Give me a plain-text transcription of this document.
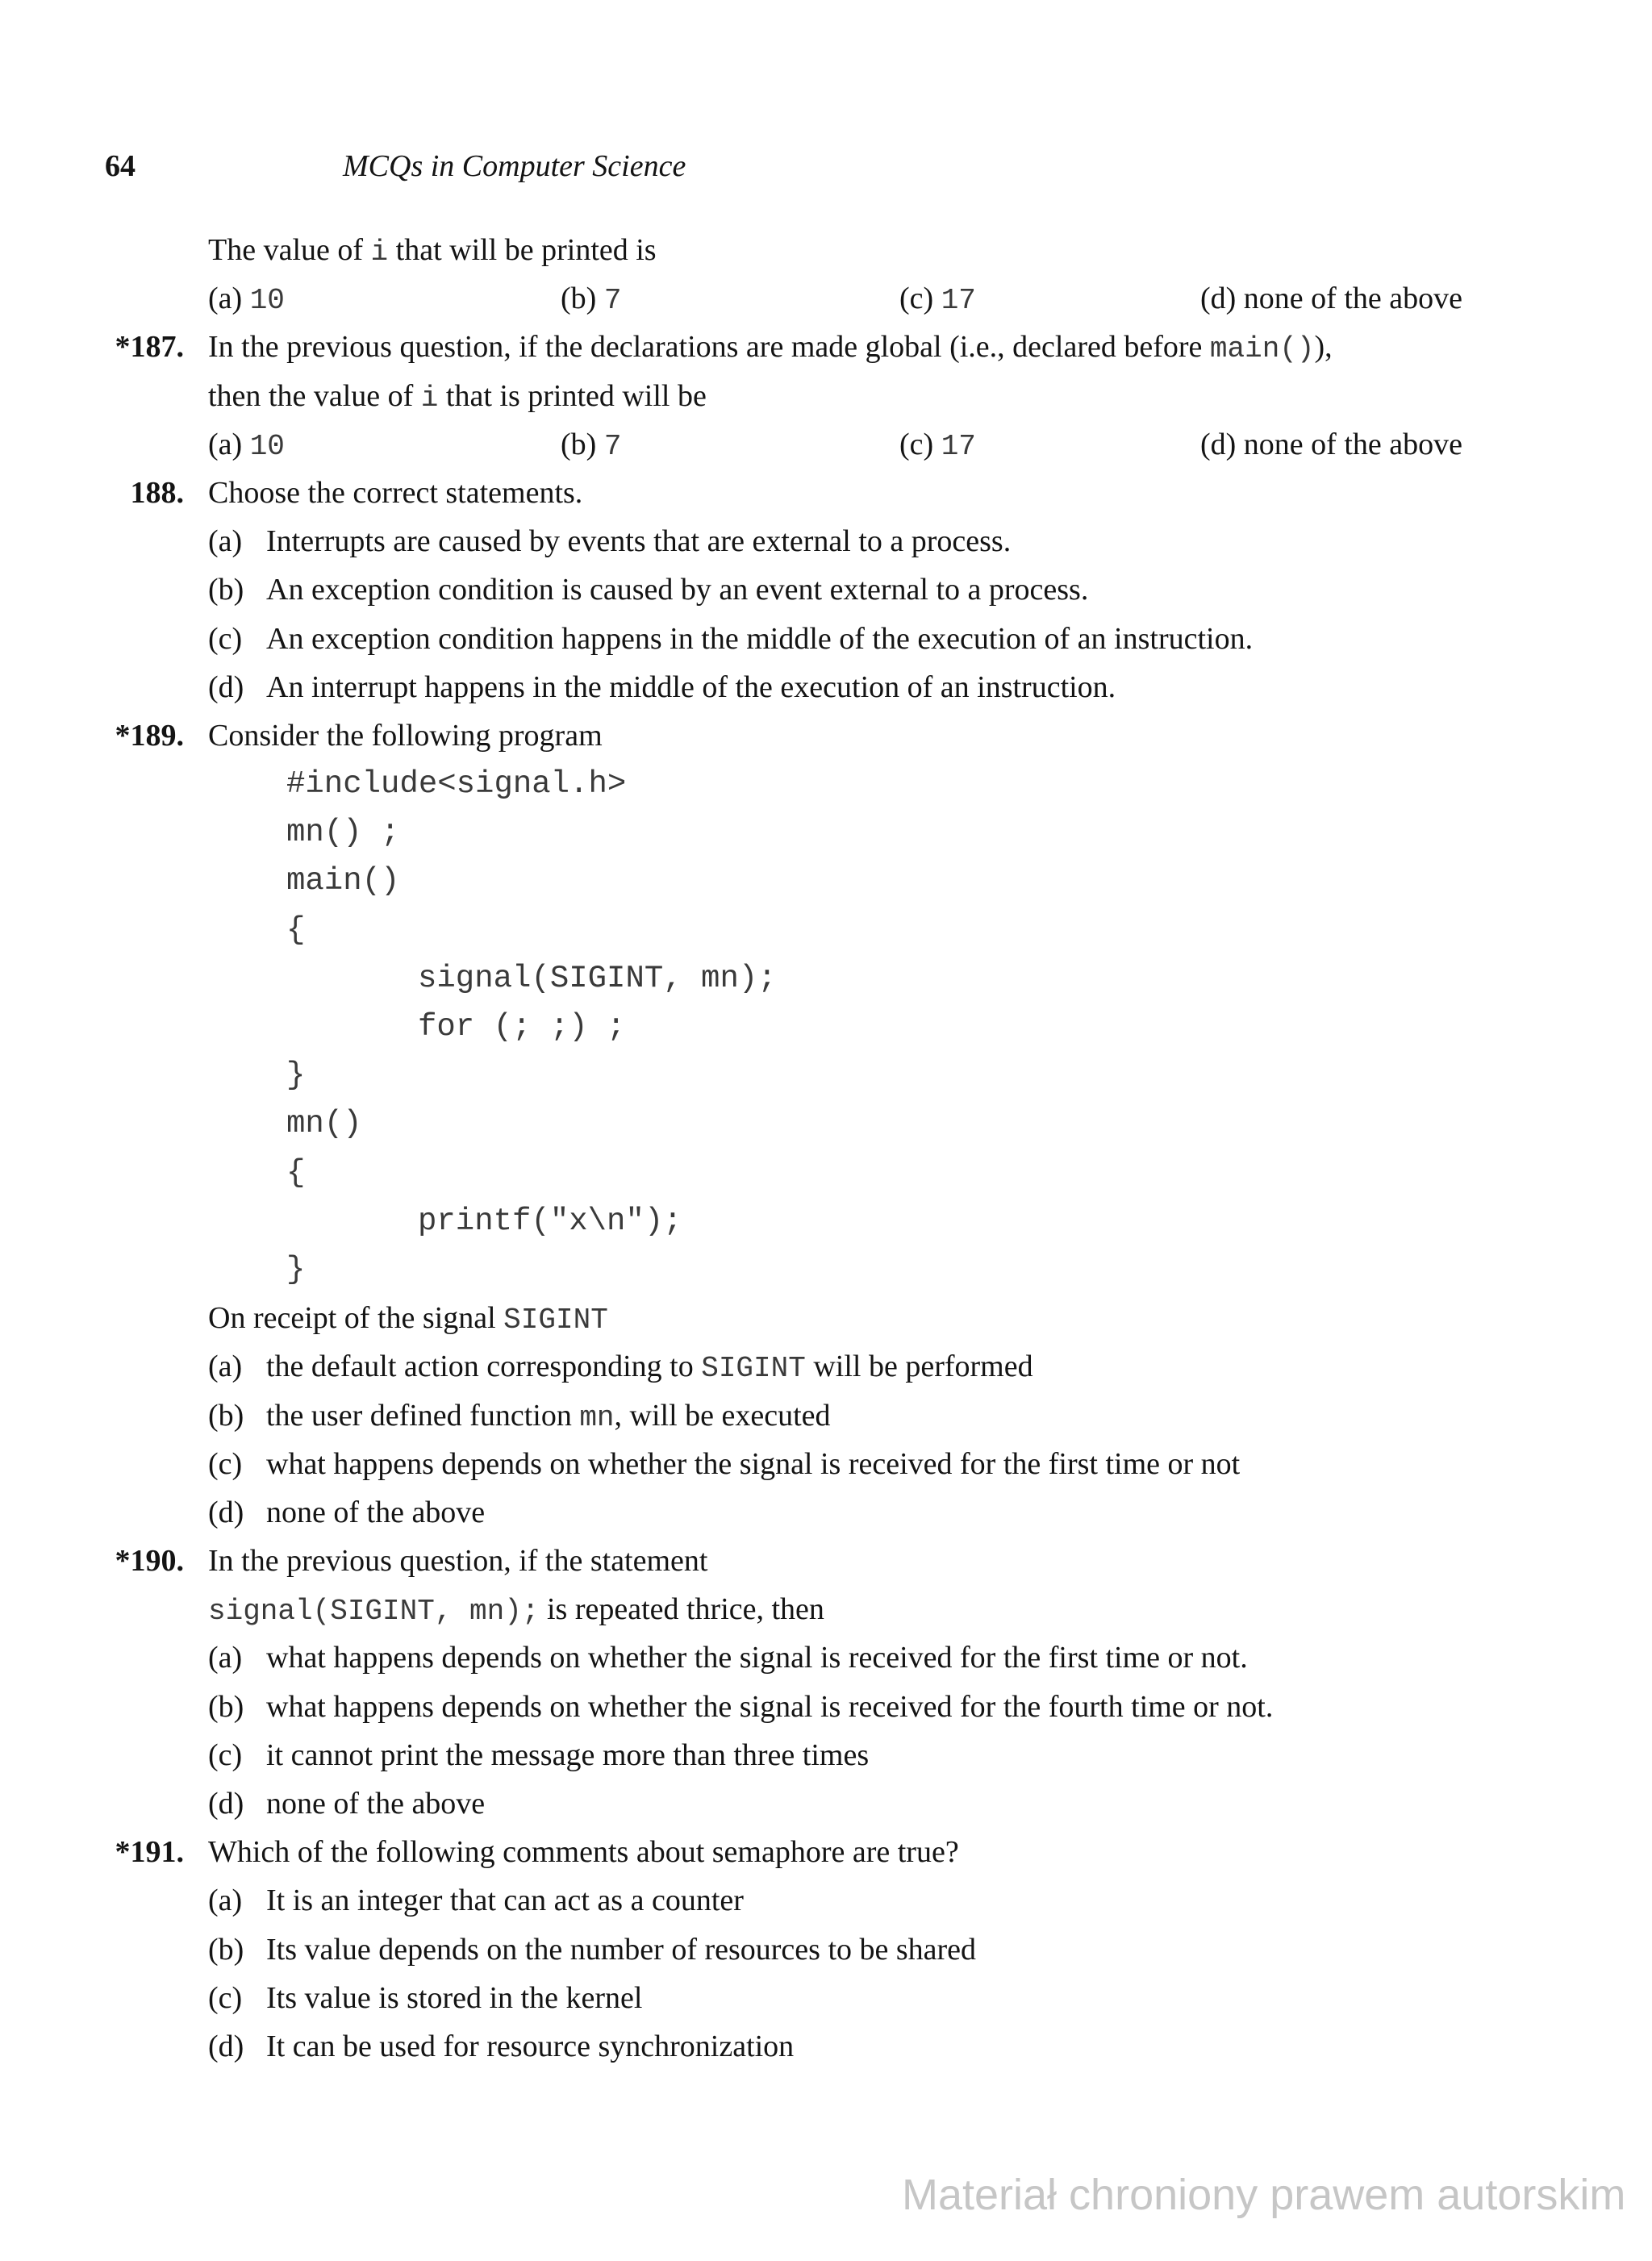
64	MCQs in Computer Science
The value of i that will be printed is
(a) 10	(b) 7	(c) 17	(d) none of the above
*187. In the previous question, if the declarations are made global (i.e., declared before main()),
then the value of i that is printed will be
(a) 10	(b) 7	(c) 17	(d) none of the above
188. Choose the correct statements.
(a) Interrupts are caused by events that are external to a process.
(b) An exception condition is caused by an event external to a process.
(c) An exception condition happens in the middle of the execution of an instruction.
(d) An interrupt happens in the middle of the execution of an instruction.
*189. Consider the following program
#include<signal.h>
mn() ;
main()
{
signal(SIGINT, mn);
for (; ;) ;
}
mn()
{
printf("x\n");
}
On receipt of the signal SIGINT
(a) the default action corresponding to SIGINT will be performed
(b) the user defined function mn, will be executed
(c) what happens depends on whether the signal is received for the first time or not
(d) none of the above
*190. In the previous question, if the statement
signal(SIGINT, mn); is repeated thrice, then
(a) what happens depends on whether the signal is received for the first time or not.
(b) what happens depends on whether the signal is received for the fourth time or not.
(c) it cannot print the message more than three times
(d) none of the above
*191. Which of the following comments about semaphore are true?
(a) It is an integer that can act as a counter
(b) Its value depends on the number of resources to be shared
(c) Its value is stored in the kernel
(d) It can be used for resource synchronization
Materiał chroniony prawem autorskim
